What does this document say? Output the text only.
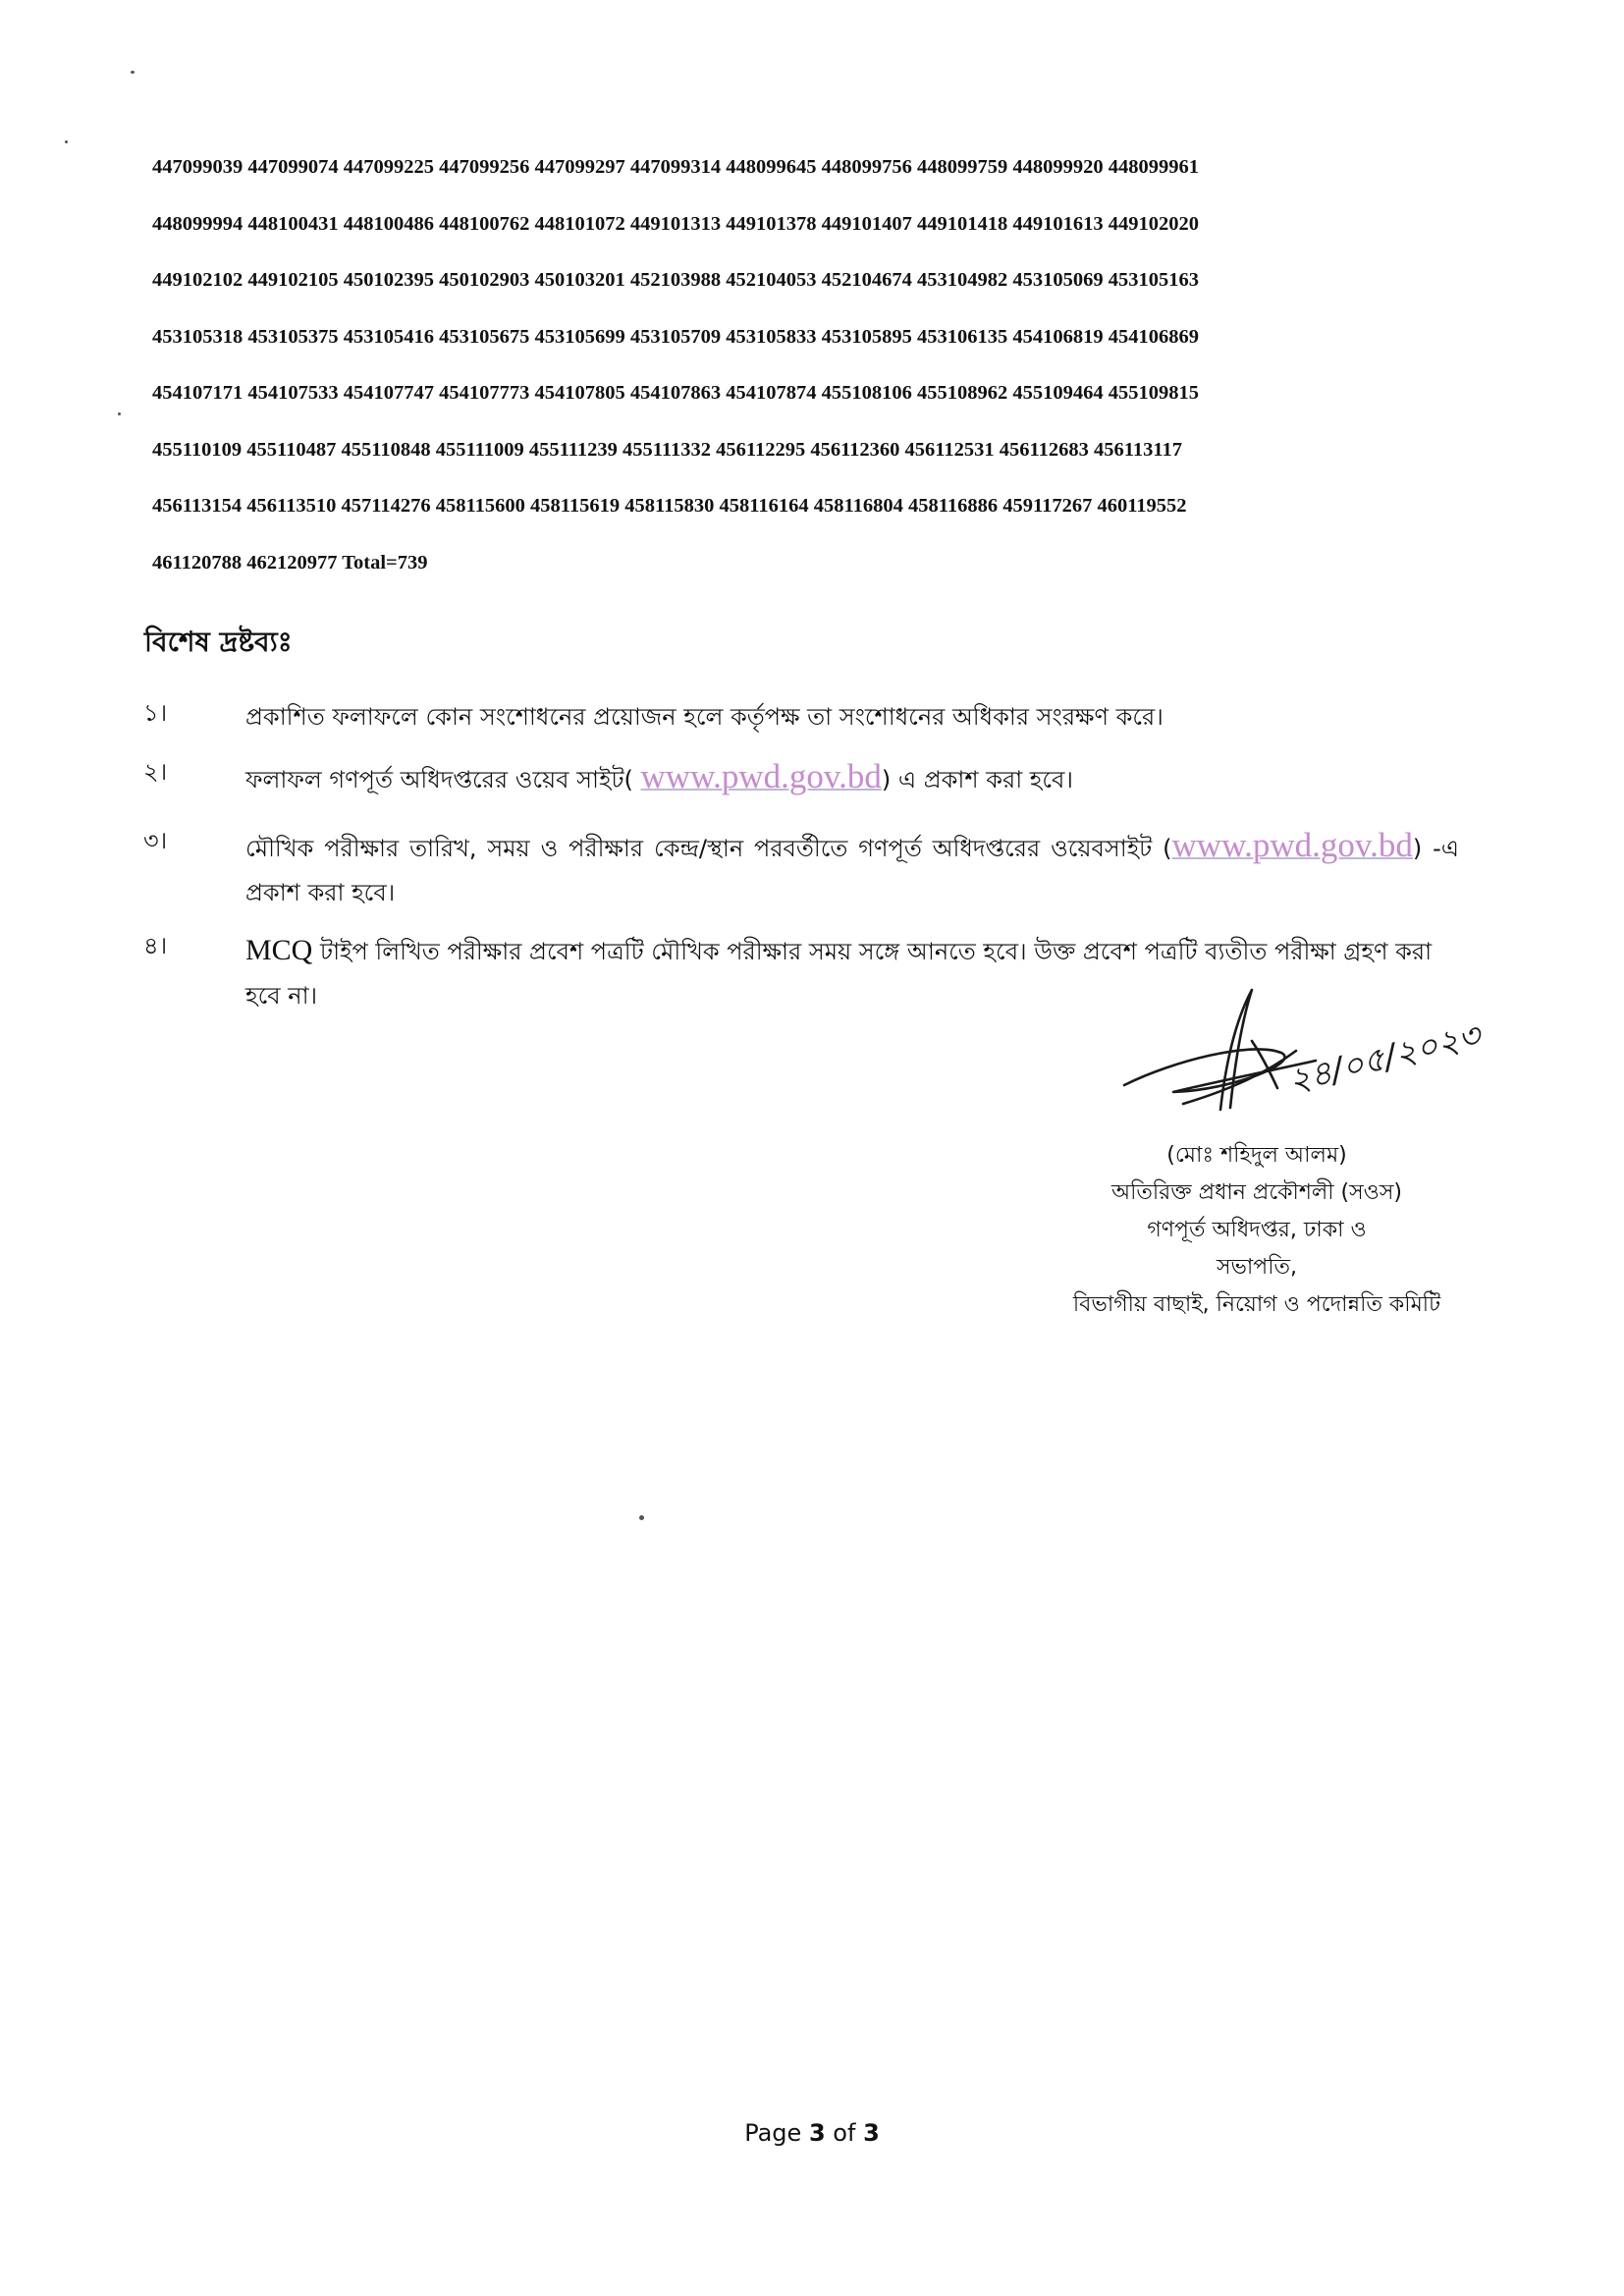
447099039 447099074 447099225 447099256 447099297 447099314 448099645 448099756 448099759 448099920 448099961
448099994 448100431 448100486 448100762 448101072 449101313 449101378 449101407 449101418 449101613 449102020
449102102 449102105 450102395 450102903 450103201 452103988 452104053 452104674 453104982 453105069 453105163
453105318 453105375 453105416 453105675 453105699 453105709 453105833 453105895 453106135 454106819 454106869
454107171 454107533 454107747 454107773 454107805 454107863 454107874 455108106 455108962 455109464 455109815
455110109 455110487 455110848 455111009 455111239 455111332 456112295 456112360 456112531 456112683 456113117
456113154 456113510 457114276 458115600 458115619 458115830 458116164 458116804 458116886 459117267 460119552
461120788 462120977 Total=739
বিশেষ দ্রষ্টব্যঃ
১।	প্রকাশিত ফলাফলে কোন সংশোধনের প্রয়োজন হলে কর্তৃপক্ষ তা সংশোধনের অধিকার সংরক্ষণ করে।
২।	ফলাফল গণপূর্ত অধিদপ্তরের ওয়েব সাইট( www.pwd.gov.bd) এ প্রকাশ করা হবে।
৩।	মৌখিক পরীক্ষার তারিখ, সময় ও পরীক্ষার কেন্দ্র/স্থান পরবর্তীতে গণপূর্ত অধিদপ্তরের ওয়েবসাইট (www.pwd.gov.bd) -এ প্রকাশ করা হবে।
৪।	MCQ টাইপ লিখিত পরীক্ষার প্রবেশ পত্রটি মৌখিক পরীক্ষার সময় সঙ্গে আনতে হবে। উক্ত প্রবেশ পত্রটি ব্যতীত পরীক্ষা গ্রহণ করা হবে না।
২৪/০৫/২০২৩
(মোঃ শহিদুল আলম)
অতিরিক্ত প্রধান প্রকৌশলী (সওস)
গণপূর্ত অধিদপ্তর, ঢাকা ও
সভাপতি,
বিভাগীয় বাছাই, নিয়োগ ও পদোন্নতি কমিটি
Page 3 of 3
